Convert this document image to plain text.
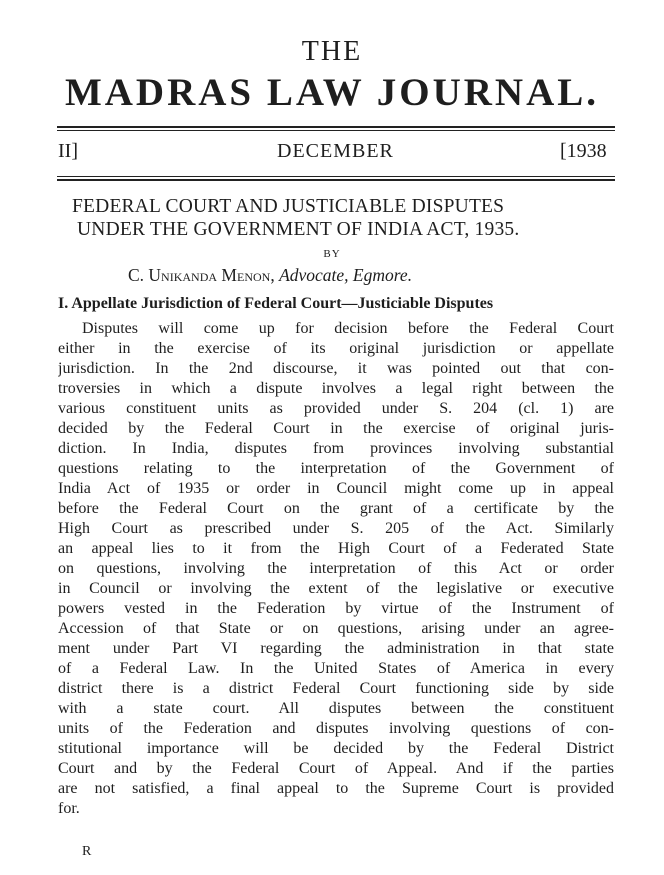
THE
MADRAS LAW JOURNAL.
II]	DECEMBER	[1938
FEDERAL COURT AND JUSTICIABLE DISPUTES
UNDER THE GOVERNMENT OF INDIA ACT, 1935.
BY
C. Unikanda Menon, Advocate, Egmore.
I. Appellate Jurisdiction of Federal Court—Justiciable Disputes
Disputes will come up for decision before the Federal Court
either in the exercise of its original jurisdiction or appellate
jurisdiction. In the 2nd discourse, it was pointed out that con-
troversies in which a dispute involves a legal right between the
various constituent units as provided under S. 204 (cl. 1) are
decided by the Federal Court in the exercise of original juris-
diction. In India, disputes from provinces involving substantial
questions relating to the interpretation of the Government of
India Act of 1935 or order in Council might come up in appeal
before the Federal Court on the grant of a certificate by the
High Court as prescribed under S. 205 of the Act. Similarly
an appeal lies to it from the High Court of a Federated State
on questions, involving the interpretation of this Act or order
in Council or involving the extent of the legislative or executive
powers vested in the Federation by virtue of the Instrument of
Accession of that State or on questions, arising under an agree-
ment under Part VI regarding the administration in that state
of a Federal Law. In the United States of America in every
district there is a district Federal Court functioning side by side
with a state court. All disputes between the constituent
units of the Federation and disputes involving questions of con-
stitutional importance will be decided by the Federal District
Court and by the Federal Court of Appeal. And if the parties
are not satisfied, a final appeal to the Supreme Court is provided
for.
R
